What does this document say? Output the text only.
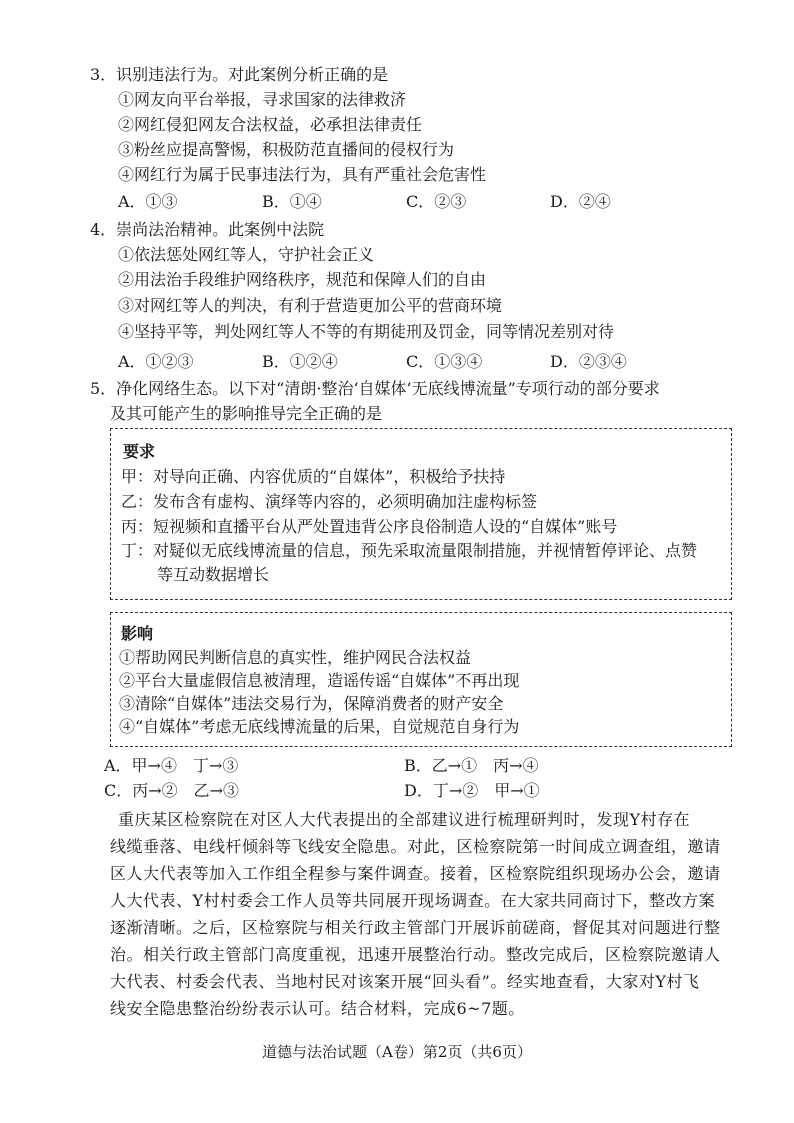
3．识别违法行为。对此案例分析正确的是
①网友向平台举报，寻求国家的法律救济
②网红侵犯网友合法权益，必承担法律责任
③粉丝应提高警惕，积极防范直播间的侵权行为
④网红行为属于民事违法行为，具有严重社会危害性
A．①③	B．①④	C．②③	D．②④
4．崇尚法治精神。此案例中法院
①依法惩处网红等人，守护社会正义
②用法治手段维护网络秩序，规范和保障人们的自由
③对网红等人的判决，有利于营造更加公平的营商环境
④坚持平等，判处网红等人不等的有期徒刑及罚金，同等情况差别对待
A．①②③	B．①②④	C．①③④	D．②③④
5．净化网络生态。以下对“清朗·整治‘自媒体’无底线博流量”专项行动的部分要求
及其可能产生的影响推导完全正确的是
要求
甲：对导向正确、内容优质的“自媒体”，积极给予扶持
乙：发布含有虚构、演绎等内容的，必须明确加注虚构标签
丙：短视频和直播平台从严处置违背公序良俗制造人设的“自媒体”账号
丁：对疑似无底线博流量的信息，预先采取流量限制措施，并视情暂停评论、点赞
等互动数据增长
影响
①帮助网民判断信息的真实性，维护网民合法权益
②平台大量虚假信息被清理，造谣传谣“自媒体”不再出现
③清除“自媒体”违法交易行为，保障消费者的财产安全
④“自媒体”考虑无底线博流量的后果，自觉规范自身行为
A．甲→④　丁→③	B．乙→①　丙→④
C．丙→②　乙→③	D．丁→②　甲→①
重庆某区检察院在对区人大代表提出的全部建议进行梳理研判时，发现Y村存在
线缆垂落、电线杆倾斜等飞线安全隐患。对此，区检察院第一时间成立调查组，邀请
区人大代表等加入工作组全程参与案件调查。接着，区检察院组织现场办公会，邀请
人大代表、Y村村委会工作人员等共同展开现场调查。在大家共同商讨下，整改方案
逐渐清晰。之后，区检察院与相关行政主管部门开展诉前磋商，督促其对问题进行整
治。相关行政主管部门高度重视，迅速开展整治行动。整改完成后，区检察院邀请人
大代表、村委会代表、当地村民对该案开展“回头看”。经实地查看，大家对Y村飞
线安全隐患整治纷纷表示认可。结合材料，完成6~7题。
道德与法治试题（A卷）第2页（共6页）
